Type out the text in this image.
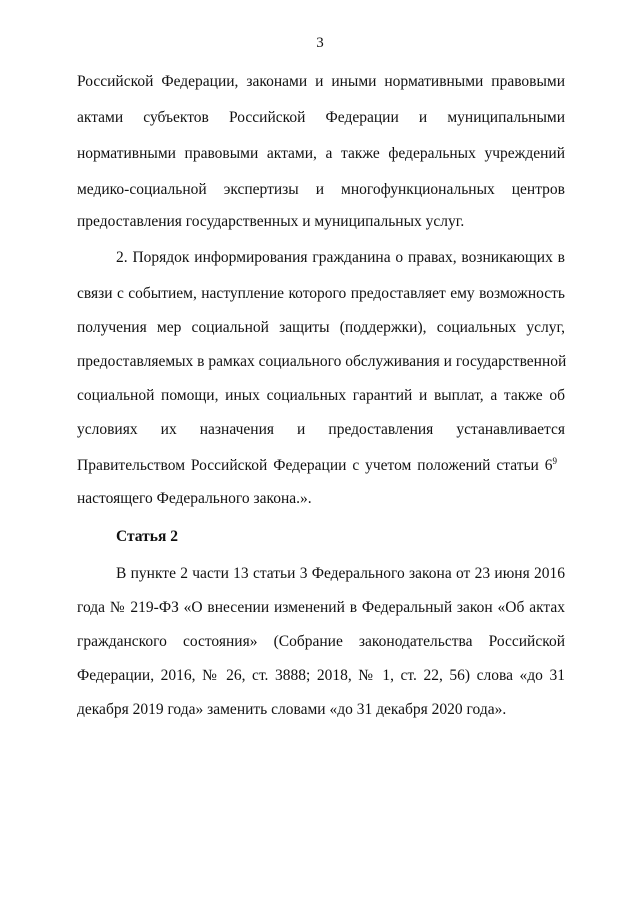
3
Российской Федерации, законами и иными нормативными правовыми
актами субъектов Российской Федерации и муниципальными
нормативными правовыми актами, а также федеральных учреждений
медико-социальной экспертизы и многофункциональных центров
предоставления государственных и муниципальных услуг.
2. Порядок информирования гражданина о правах, возникающих в
связи с событием, наступление которого предоставляет ему возможность
получения мер социальной защиты (поддержки), социальных услуг,
предоставляемых в рамках социального обслуживания и государственной
социальной помощи, иных социальных гарантий и выплат, а также об
условиях их назначения и предоставления устанавливается
Правительством Российской Федерации с учетом положений статьи $6^9$
настоящего Федерального закона.».
Статья 2
В пункте 2 части 13 статьи 3 Федерального закона от 23 июня 2016
года № 219-ФЗ «О внесении изменений в Федеральный закон «Об актах
гражданского состояния» (Собрание законодательства Российской
Федерации, 2016, № 26, ст. 3888; 2018, № 1, ст. 22, 56) слова «до 31
декабря 2019 года» заменить словами «до 31 декабря 2020 года».
